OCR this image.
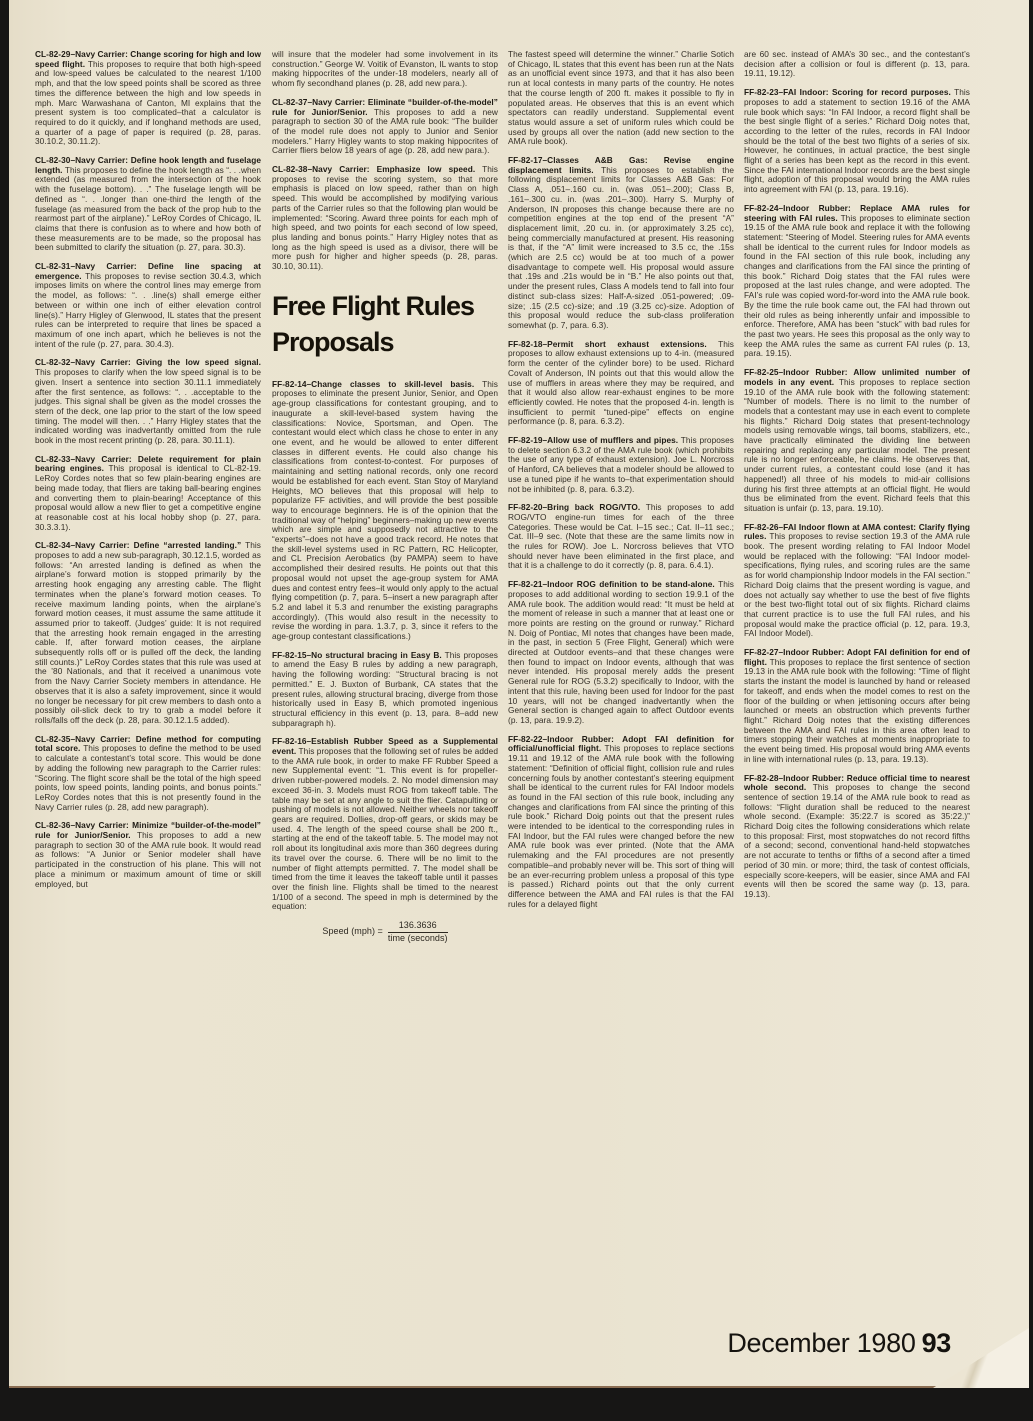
CL-82-29–Navy Carrier: Change scoring for high and low speed flight. This proposes to require that both high-speed and low-speed values be calculated to the nearest 1/100 mph, and that the low speed points shall be scored as three times the difference between the high and low speeds in mph. Marc Warwashana of Canton, MI explains that the present system is too complicated–that a calculator is required to do it quickly, and if longhand methods are used, a quarter of a page of paper is required (p. 28, paras. 30.10.2, 30.11.2).

CL-82-30–Navy Carrier: Define hook length and fuselage length. This proposes to define the hook length as “. . .when extended (as measured from the intersection of the hook with the fuselage bottom). . .” The fuselage length will be defined as “. . .longer than one-third the length of the fuselage (as measured from the back of the prop hub to the rearmost part of the airplane).” LeRoy Cordes of Chicago, IL claims that there is confusion as to where and how both of these measurements are to be made, so the proposal has been submitted to clarify the situation (p. 27, para. 30.3).

CL-82-31–Navy Carrier: Define line spacing at emergence. This proposes to revise section 30.4.3, which imposes limits on where the control lines may emerge from the model, as follows: “. . .line(s) shall emerge either between or within one inch of either elevation control line(s).” Harry Higley of Glenwood, IL states that the present rules can be interpreted to require that lines be spaced a maximum of one inch apart, which he believes is not the intent of the rule (p. 27, para. 30.4.3).

CL-82-32–Navy Carrier: Giving the low speed signal. This proposes to clarify when the low speed signal is to be given. Insert a sentence into section 30.11.1 immediately after the first sentence, as follows: “. . .acceptable to the judges. This signal shall be given as the model crosses the stern of the deck, one lap prior to the start of the low speed timing. The model will then. . .” Harry Higley states that the indicated wording was inadvertantly omitted from the rule book in the most recent printing (p. 28, para. 30.11.1).

CL-82-33–Navy Carrier: Delete requirement for plain bearing engines. This proposal is identical to CL-82-19. LeRoy Cordes notes that so few plain-bearing engines are being made today, that fliers are taking ball-bearing engines and converting them to plain-bearing! Acceptance of this proposal would allow a new flier to get a competitive engine at reasonable cost at his local hobby shop (p. 27, para. 30.3.3.1).

CL-82-34–Navy Carrier: Define “arrested landing.” This proposes to add a new sub-paragraph, 30.12.1.5, worded as follows: “An arrested landing is defined as when the airplane’s forward motion is stopped primarily by the arresting hook engaging any arresting cable. The flight terminates when the plane’s forward motion ceases. To receive maximum landing points, when the airplane’s forward motion ceases, it must assume the same attitude it assumed prior to takeoff. (Judges’ guide: It is not required that the arresting hook remain engaged in the arresting cable. If, after forward motion ceases, the airplane subsequently rolls off or is pulled off the deck, the landing still counts.)” LeRoy Cordes states that this rule was used at the ’80 Nationals, and that it received a unanimous vote from the Navy Carrier Society members in attendance. He observes that it is also a safety improvement, since it would no longer be necessary for pit crew members to dash onto a possibly oil-slick deck to try to grab a model before it rolls/falls off the deck (p. 28, para. 30.12.1.5 added).

CL-82-35–Navy Carrier: Define method for computing total score. This proposes to define the method to be used to calculate a contestant’s total score. This would be done by adding the following new paragraph to the Carrier rules: “Scoring. The flight score shall be the total of the high speed points, low speed points, landing points, and bonus points.” LeRoy Cordes notes that this is not presently found in the Navy Carrier rules (p. 28, add new paragraph).

CL-82-36–Navy Carrier: Minimize “builder-of-the-model” rule for Junior/Senior. This proposes to add a new paragraph to section 30 of the AMA rule book. It would read as follows: “A Junior or Senior modeler shall have participated in the construction of his plane. This will not place a minimum or maximum amount of time or skill employed, but

will insure that the modeler had some involvement in its construction.” George W. Voitik of Evanston, IL wants to stop making hippocrites of the under-18 modelers, nearly all of whom fly secondhand planes (p. 28, add new para.).

CL-82-37–Navy Carrier: Eliminate “builder-of-the-model” rule for Junior/Senior. This proposes to add a new paragraph to section 30 of the AMA rule book: “The builder of the model rule does not apply to Junior and Senior modelers.” Harry Higley wants to stop making hippocrites of Carrier fliers below 18 years of age (p. 28, add new para.).

CL-82-38–Navy Carrier: Emphasize low speed. This proposes to revise the scoring system, so that more emphasis is placed on low speed, rather than on high speed. This would be accomplished by modifying various parts of the Carrier rules so that the following plan would be implemented: “Scoring. Award three points for each mph of high speed, and two points for each second of low speed, plus landing and bonus points.” Harry Higley notes that as long as the high speed is used as a divisor, there will be more push for higher and higher speeds (p. 28, paras. 30.10, 30.11).

Free Flight Rules
Proposals

FF-82-14–Change classes to skill-level basis. This proposes to eliminate the present Junior, Senior, and Open age-group classifications for contestant grouping, and to inaugurate a skill-level-based system having the classifications: Novice, Sportsman, and Open. The contestant would elect which class he chose to enter in any one event, and he would be allowed to enter different classes in different events. He could also change his classifications from contest-to-contest. For purposes of maintaining and setting national records, only one record would be established for each event. Stan Stoy of Maryland Heights, MO believes that this proposal will help to popularize FF activities, and will provide the best possible way to encourage beginners. He is of the opinion that the traditional way of “helping” beginners–making up new events which are simple and supposedly not attractive to the “experts”–does not have a good track record. He notes that the skill-level systems used in RC Pattern, RC Helicopter, and CL Precision Aerobatics (by PAMPA) seem to have accomplished their desired results. He points out that this proposal would not upset the age-group system for AMA dues and contest entry fees–it would only apply to the actual flying competition (p. 7, para. 5–insert a new paragraph after 5.2 and label it 5.3 and renumber the existing paragraphs accordingly). (This would also result in the necessity to revise the wording in para. 1.3.7, p. 3, since it refers to the age-group contestant classifications.)

FF-82-15–No structural bracing in Easy B. This proposes to amend the Easy B rules by adding a new paragraph, having the following wording: “Structural bracing is not permitted.” E. J. Buxton of Burbank, CA states that the present rules, allowing structural bracing, diverge from those historically used in Easy B, which promoted ingenious structural efficiency in this event (p. 13, para. 8–add new subparagraph h).

FF-82-16–Establish Rubber Speed as a Supplemental event. This proposes that the following set of rules be added to the AMA rule book, in order to make FF Rubber Speed a new Supplemental event: “1. This event is for propeller-driven rubber-powered models. 2. No model dimension may exceed 36-in. 3. Models must ROG from takeoff table. The table may be set at any angle to suit the flier. Catapulting or pushing of models is not allowed. Neither wheels nor takeoff gears are required. Dollies, drop-off gears, or skids may be used. 4. The length of the speed course shall be 200 ft., starting at the end of the takeoff table. 5. The model may not roll about its longitudinal axis more than 360 degrees during its travel over the course. 6. There will be no limit to the number of flight attempts permitted. 7. The model shall be timed from the time it leaves the takeoff table until it passes over the finish line. Flights shall be timed to the nearest 1/100 of a second. The speed in mph is determined by the equation:

Speed $(mph) = \frac{136.3636}{\text{time (seconds)}}$

The fastest speed will determine the winner.” Charlie Sotich of Chicago, IL states that this event has been run at the Nats as an unofficial event since 1973, and that it has also been run at local contests in many parts of the country. He notes that the course length of 200 ft. makes it possible to fly in populated areas. He observes that this is an event which spectators can readily understand. Supplemental event status would assure a set of uniform rules which could be used by groups all over the nation (add new section to the AMA rule book).

FF-82-17–Classes A&B Gas: Revise engine displacement limits. This proposes to establish the following displacement limits for Classes A&B Gas: For Class A, .051–.160 cu. in. (was .051–.200); Class B, .161–.300 cu. in. (was .201–.300). Harry S. Murphy of Anderson, IN proposes this change because there are no competition engines at the top end of the present “A” displacement limit, .20 cu. in. (or approximately 3.25 cc), being commercially manufactured at present. His reasoning is that, if the “A” limit were increased to 3.5 cc, the .15s (which are 2.5 cc) would be at too much of a power disadvantage to compete well. His proposal would assure that .19s and .21s would be in “B.” He also points out that, under the present rules, Class A models tend to fall into four distinct sub-class sizes: Half-A-sized .051-powered; .09-size; .15 (2.5 cc)-size; and .19 (3.25 cc)-size. Adoption of this proposal would reduce the sub-class proliferation somewhat (p. 7, para. 6.3).

FF-82-18–Permit short exhaust extensions. This proposes to allow exhaust extensions up to 4-in. (measured form the center of the cylinder bore) to be used. Richard Covalt of Anderson, IN points out that this would allow the use of mufflers in areas where they may be required, and that it would also allow rear-exhaust engines to be more efficiently cowled. He notes that the proposed 4-in. length is insufficient to permit “tuned-pipe” effects on engine performance (p. 8, para. 6.3.2).

FF-82-19–Allow use of mufflers and pipes. This proposes to delete section 6.3.2 of the AMA rule book (which prohibits the use of any type of exhaust extension). Joe L. Norcross of Hanford, CA believes that a modeler should be allowed to use a tuned pipe if he wants to–that experimentation should not be inhibited (p. 8, para. 6.3.2).

FF-82-20–Bring back ROG/VTO. This proposes to add ROG/VTO engine-run times for each of the three Categories. These would be Cat. I–15 sec.; Cat. II–11 sec.; Cat. III–9 sec. (Note that these are the same limits now in the rules for ROW). Joe L. Norcross believes that VTO should never have been eliminated in the first place, and that it is a challenge to do it correctly (p. 8, para. 6.4.1).

FF-82-21–Indoor ROG definition to be stand-alone. This proposes to add additional wording to section 19.9.1 of the AMA rule book. The addition would read: “It must be held at the moment of release in such a manner that at least one or more points are resting on the ground or runway.” Richard N. Doig of Pontiac, MI notes that changes have been made, in the past, in section 5 (Free Flight, General) which were directed at Outdoor events–and that these changes were then found to impact on Indoor events, although that was never intended. His proposal merely adds the present General rule for ROG (5.3.2) specifically to Indoor, with the intent that this rule, having been used for Indoor for the past 10 years, will not be changed inadvertantly when the General section is changed again to affect Outdoor events (p. 13, para. 19.9.2).

FF-82-22–Indoor Rubber: Adopt FAI definition for official/unofficial flight. This proposes to replace sections 19.11 and 19.12 of the AMA rule book with the following statement: “Definition of official flight, collision rule and rules concerning fouls by another contestant’s steering equipment shall be identical to the current rules for FAI Indoor models as found in the FAI section of this rule book, including any changes and clarifications from FAI since the printing of this rule book.” Richard Doig points out that the present rules were intended to be identical to the corresponding rules in FAI Indoor, but the FAI rules were changed before the new AMA rule book was ever printed. (Note that the AMA rulemaking and the FAI procedures are not presently compatible–and probably never will be. This sort of thing will be an ever-recurring problem unless a proposal of this type is passed.) Richard points out that the only current difference between the AMA and FAI rules is that the FAI rules for a delayed flight

are 60 sec. instead of AMA’s 30 sec., and the contestant’s decision after a collision or foul is different (p. 13, para. 19.11, 19.12).

FF-82-23–FAI Indoor: Scoring for record purposes. This proposes to add a statement to section 19.16 of the AMA rule book which says: “In FAI Indoor, a record flight shall be the best single flight of a series.” Richard Doig notes that, according to the letter of the rules, records in FAI Indoor should be the total of the best two flights of a series of six. However, he continues, in actual practice, the best single flight of a series has been kept as the record in this event. Since the FAI international Indoor records are the best single flight, adoption of this proposal would bring the AMA rules into agreement with FAI (p. 13, para. 19.16).

FF-82-24–Indoor Rubber: Replace AMA rules for steering with FAI rules. This proposes to eliminate section 19.15 of the AMA rule book and replace it with the following statement: “Steering of Model. Steering rules for AMA events shall be identical to the current rules for Indoor models as found in the FAI section of this rule book, including any changes and clarifications from the FAI since the printing of this book.” Richard Doig states that the FAI rules were proposed at the last rules change, and were adopted. The FAI’s rule was copied word-for-word into the AMA rule book. By the time the rule book came out, the FAI had thrown out their old rules as being inherently unfair and impossible to enforce. Therefore, AMA has been “stuck” with bad rules for the past two years. He sees this proposal as the only way to keep the AMA rules the same as current FAI rules (p. 13, para. 19.15).

FF-82-25–Indoor Rubber: Allow unlimited number of models in any event. This proposes to replace section 19.10 of the AMA rule book with the following statement: “Number of models. There is no limit to the number of models that a contestant may use in each event to complete his flights.” Richard Doig states that present-technology models using removable wings, tail booms, stabilizers, etc., have practically eliminated the dividing line between repairing and replacing any particular model. The present rule is no longer enforceable, he claims. He observes that, under current rules, a contestant could lose (and it has happened!) all three of his models to mid-air collisions during his first three attempts at an official flight. He would thus be eliminated from the event. Richard feels that this situation is unfair (p. 13, para. 19.10).

FF-82-26–FAI Indoor flown at AMA contest: Clarify flying rules. This proposes to revise section 19.3 of the AMA rule book. The present wording relating to FAI Indoor Model would be replaced with the following: “FAI Indoor model-specifications, flying rules, and scoring rules are the same as for world championship Indoor models in the FAI section.” Richard Doig claims that the present wording is vague, and does not actually say whether to use the best of five flights or the best two-flight total out of six flights. Richard claims that current practice is to use the full FAI rules, and his proposal would make the practice official (p. 12, para. 19.3, FAI Indoor Model).

FF-82-27–Indoor Rubber: Adopt FAI definition for end of flight. This proposes to replace the first sentence of section 19.13 in the AMA rule book with the following: “Time of flight starts the instant the model is launched by hand or released for takeoff, and ends when the model comes to rest on the floor of the building or when jettisoning occurs after being launched or meets an obstruction which prevents further flight.” Richard Doig notes that the existing differences between the AMA and FAI rules in this area often lead to timers stopping their watches at moments inappropriate to the event being timed. His proposal would bring AMA events in line with international rules (p. 13, para. 19.13).

FF-82-28–Indoor Rubber: Reduce official time to nearest whole second. This proposes to change the second sentence of section 19.14 of the AMA rule book to read as follows: “Flight duration shall be reduced to the nearest whole second. (Example: 35:22.7 is scored as 35:22.)” Richard Doig cites the following considerations which relate to this proposal: First, most stopwatches do not record fifths of a second; second, conventional hand-held stopwatches are not accurate to tenths or fifths of a second after a timed period of 30 min. or more; third, the task of contest officials, especially score-keepers, will be easier, since AMA and FAI events will then be scored the same way (p. 13, para. 19.13).

December 1980 93
